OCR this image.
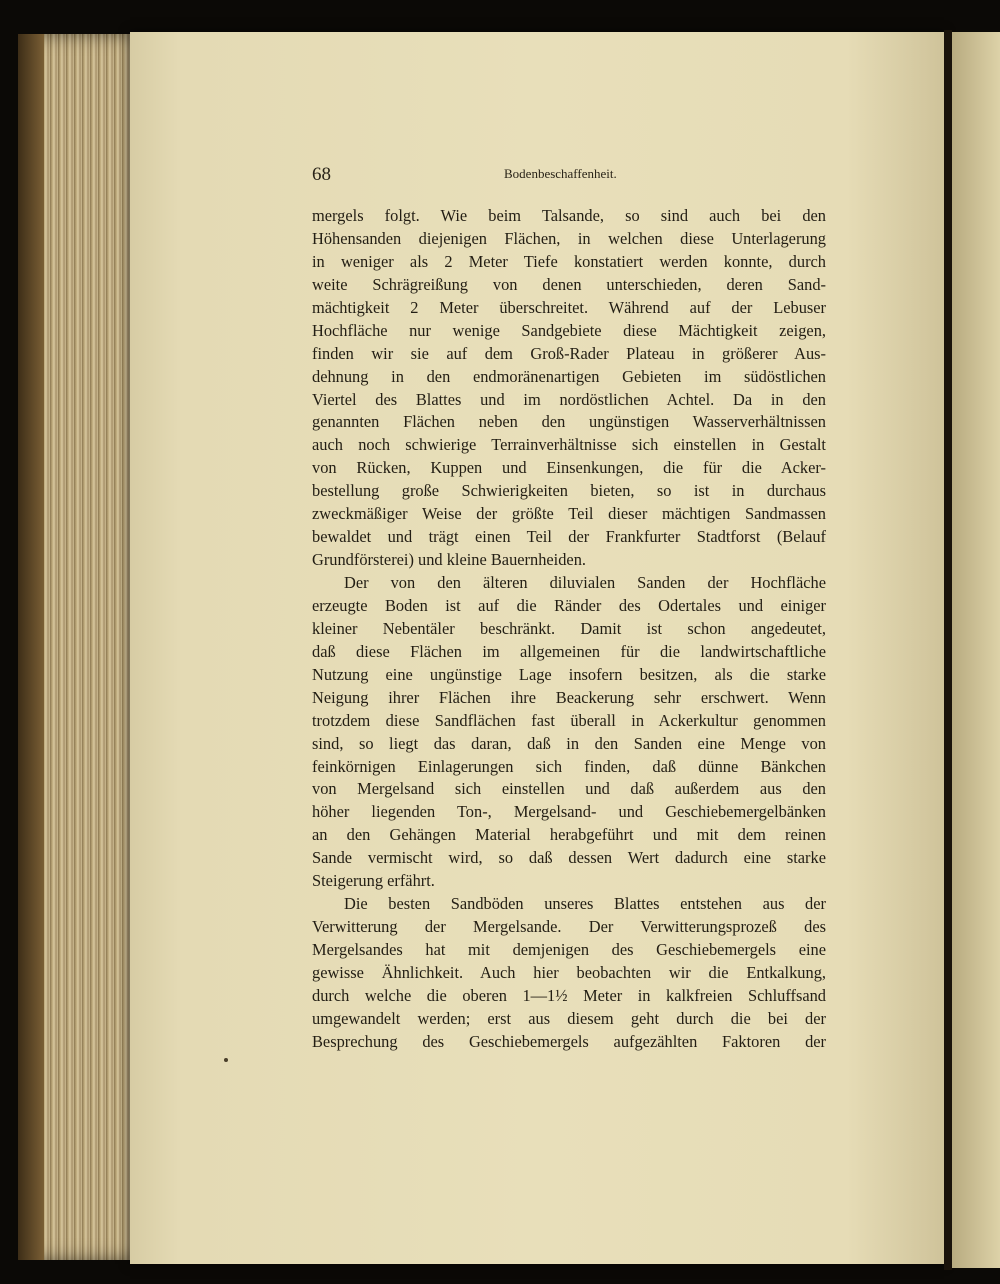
68	Bodenbeschaffenheit.
mergels folgt. Wie beim Talsande, so sind auch bei den
Höhensanden diejenigen Flächen, in welchen diese Unterlagerung
in weniger als 2 Meter Tiefe konstatiert werden konnte, durch
weite Schrägreißung von denen unterschieden, deren Sand-
mächtigkeit 2 Meter überschreitet. Während auf der Lebuser
Hochfläche nur wenige Sandgebiete diese Mächtigkeit zeigen,
finden wir sie auf dem Groß-Rader Plateau in größerer Aus-
dehnung in den endmoränenartigen Gebieten im südöstlichen
Viertel des Blattes und im nordöstlichen Achtel. Da in den
genannten Flächen neben den ungünstigen Wasserverhältnissen
auch noch schwierige Terrainverhältnisse sich einstellen in Gestalt
von Rücken, Kuppen und Einsenkungen, die für die Acker-
bestellung große Schwierigkeiten bieten, so ist in durchaus
zweckmäßiger Weise der größte Teil dieser mächtigen Sandmassen
bewaldet und trägt einen Teil der Frankfurter Stadtforst (Belauf
Grundförsterei) und kleine Bauernheiden.
Der von den älteren diluvialen Sanden der Hochfläche
erzeugte Boden ist auf die Ränder des Odertales und einiger
kleiner Nebentäler beschränkt. Damit ist schon angedeutet,
daß diese Flächen im allgemeinen für die landwirtschaftliche
Nutzung eine ungünstige Lage insofern besitzen, als die starke
Neigung ihrer Flächen ihre Beackerung sehr erschwert. Wenn
trotzdem diese Sandflächen fast überall in Ackerkultur genommen
sind, so liegt das daran, daß in den Sanden eine Menge von
feinkörnigen Einlagerungen sich finden, daß dünne Bänkchen
von Mergelsand sich einstellen und daß außerdem aus den
höher liegenden Ton-, Mergelsand- und Geschiebemergelbänken
an den Gehängen Material herabgeführt und mit dem reinen
Sande vermischt wird, so daß dessen Wert dadurch eine starke
Steigerung erfährt.
Die besten Sandböden unseres Blattes entstehen aus der
Verwitterung der Mergelsande. Der Verwitterungsprozeß des
Mergelsandes hat mit demjenigen des Geschiebemergels eine
gewisse Ähnlichkeit. Auch hier beobachten wir die Entkalkung,
durch welche die oberen 1—1½ Meter in kalkfreien Schluffsand
umgewandelt werden; erst aus diesem geht durch die bei der
Besprechung des Geschiebemergels aufgezählten Faktoren der
